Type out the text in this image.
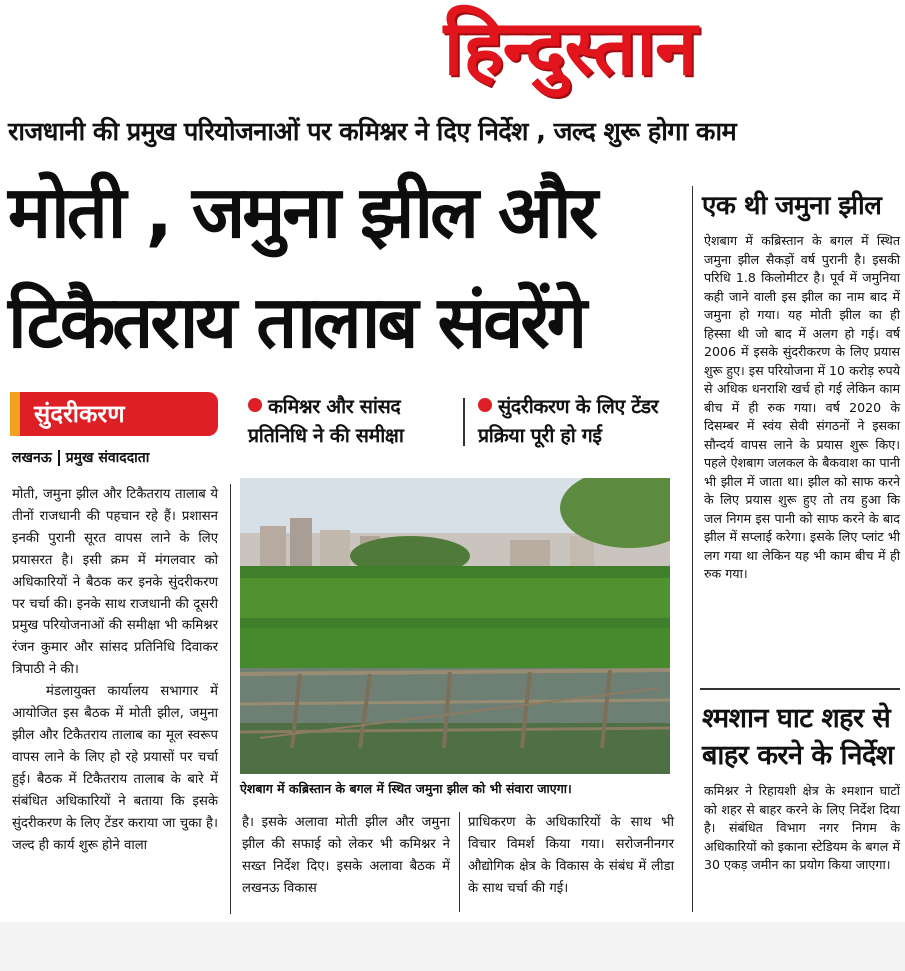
हिन्दुस्तान
राजधानी की प्रमुख परियोजनाओं पर कमिश्नर ने दिए निर्देश , जल्द शुरू होगा काम
मोती , जमुना झील और
टिकैतराय तालाब संवरेंगे
सुंदरीकरण
लखनऊ प्रमुख संवाददाता
कमिश्नर और सांसद प्रतिनिधि ने की समीक्षा
सुंदरीकरण के लिए टेंडर प्रक्रिया पूरी हो गई
मोती, जमुना झील और टिकैतराय तालाब ये तीनों राजधानी की पहचान रहे हैं। प्रशासन इनकी पुरानी सूरत वापस लाने के लिए प्रयासरत है। इसी क्रम में मंगलवार को अधिकारियों ने बैठक कर इनके सुंदरीकरण पर चर्चा की। इनके साथ राजधानी की दूसरी प्रमुख परियोजनाओं की समीक्षा भी कमिश्नर रंजन कुमार और सांसद प्रतिनिधि दिवाकर त्रिपाठी ने की।
मंडलायुक्त कार्यालय सभागार में आयोजित इस बैठक में मोती झील, जमुना झील और टिकैतराय तालाब का मूल स्वरूप वापस लाने के लिए हो रहे प्रयासों पर चर्चा हुई। बैठक में टिकैतराय तालाब के बारे में संबंधित अधिकारियों ने बताया कि इसके सुंदरीकरण के लिए टेंडर कराया जा चुका है। जल्द ही कार्य शुरू होने वाला
ऐशबाग में कब्रिस्तान के बगल में स्थित जमुना झील को भी संवारा जाएगा।
है। इसके अलावा मोती झील और जमुना झील की सफाई को लेकर भी कमिश्नर ने सख्त निर्देश दिए। इसके अलावा बैठक में लखनऊ विकास
प्राधिकरण के अधिकारियों के साथ भी विचार विमर्श किया गया। सरोजनीनगर औद्योगिक क्षेत्र के विकास के संबंध में लीडा के साथ चर्चा की गई।
एक थी जमुना झील
ऐशबाग में कब्रिस्तान के बगल में स्थित जमुना झील सैकड़ों वर्ष पुरानी है। इसकी परिधि 1.8 किलोमीटर है। पूर्व में जमुनिया कही जाने वाली इस झील का नाम बाद में जमुना हो गया। यह मोती झील का ही हिस्सा थी जो बाद में अलग हो गई। वर्ष 2006 में इसके सुंदरीकरण के लिए प्रयास शुरू हुए। इस परियोजना में 10 करोड़ रुपये से अधिक धनराशि खर्च हो गई लेकिन काम बीच में ही रुक गया। वर्ष 2020 के दिसम्बर में स्वंय सेवी संगठनों ने इसका सौन्दर्य वापस लाने के प्रयास शुरू किए। पहले ऐशबाग जलकल के बैकवाश का पानी भी झील में जाता था। झील को साफ करने के लिए प्रयास शुरू हुए तो तय हुआ कि जल निगम इस पानी को साफ करने के बाद झील में सप्लाई करेगा। इसके लिए प्लांट भी लग गया था लेकिन यह भी काम बीच में ही रुक गया।
श्मशान घाट शहर से बाहर करने के निर्देश
कमिश्नर ने रिहायशी क्षेत्र के श्मशान घाटों को शहर से बाहर करने के लिए निर्देश दिया है। संबंधित विभाग नगर निगम के अधिकारियों को इकाना स्टेडियम के बगल में 30 एकड़ जमीन का प्रयोग किया जाएगा।
